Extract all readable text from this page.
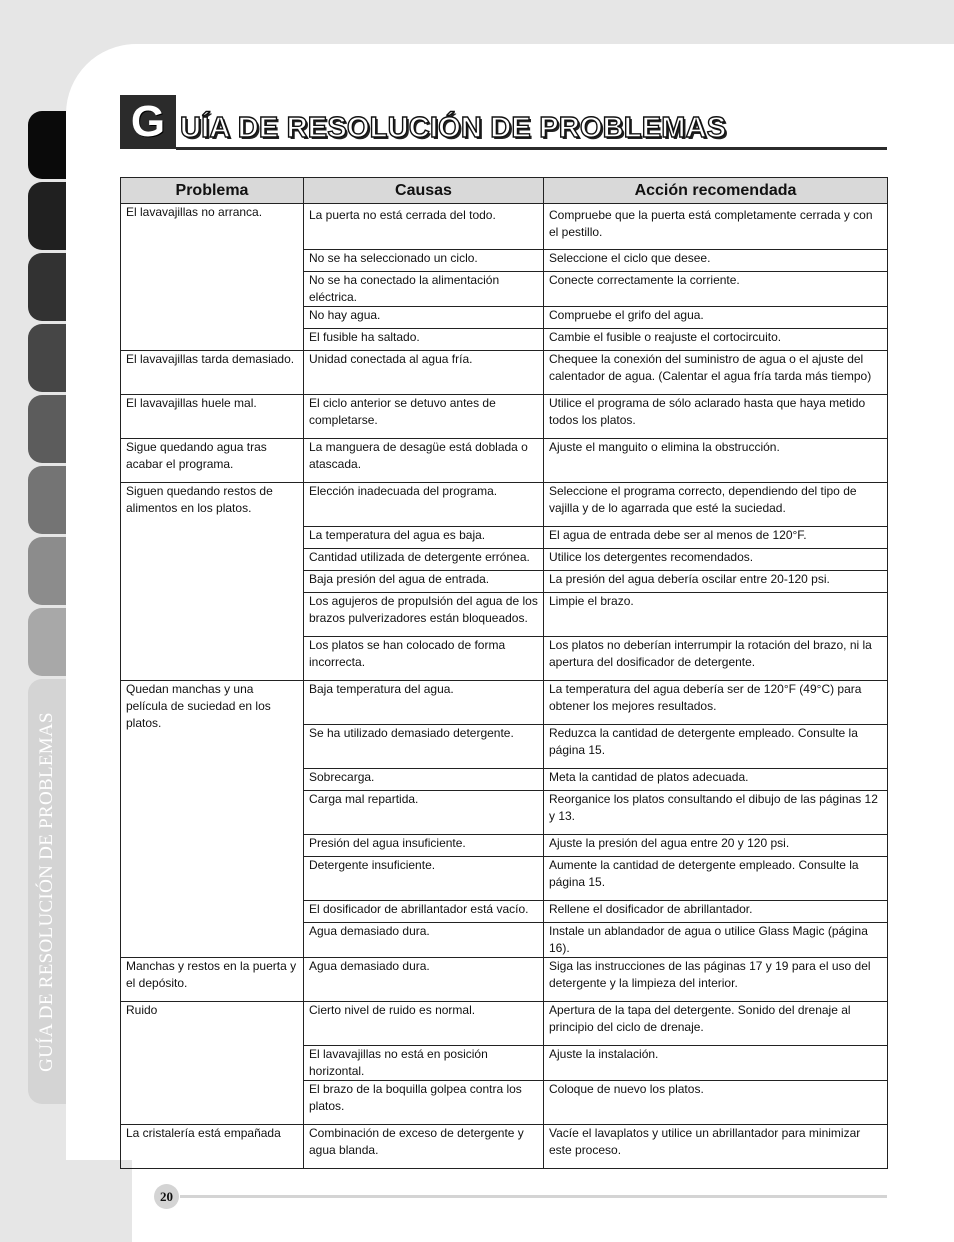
GUÍA DE RESOLUCIÓN DE PROBLEMAS
G UÍA DE RESOLUCIÓN DE PROBLEMAS
Problema	Causas	Acción recomendada
El lavavajillas no arranca.	La puerta no está cerrada del todo.	Compruebe que la puerta está completamente cerrada y con el pestillo.
	No se ha seleccionado un ciclo.	Seleccione el ciclo que desee.
	No se ha conectado la alimentación eléctrica.	Conecte correctamente la corriente.
	No hay agua.	Compruebe el grifo del agua.
	El fusible ha saltado.	Cambie el fusible o reajuste el cortocircuito.
El lavavajillas tarda demasiado.	Unidad conectada al agua fría.	Chequee la conexión del suministro de agua o el ajuste del calentador de agua. (Calentar el agua fría tarda más tiempo)
El lavavajillas huele mal.	El ciclo anterior se detuvo antes de completarse.	Utilice el programa de sólo aclarado hasta que haya metido todos los platos.
Sigue quedando agua tras acabar el programa.	La manguera de desagüe está doblada o atascada.	Ajuste el manguito o elimina la obstrucción.
Siguen quedando restos de alimentos en los platos.	Elección inadecuada del programa.	Seleccione el programa correcto, dependiendo del tipo de vajilla y de lo agarrada que esté la suciedad.
	La temperatura del agua es baja.	El agua de entrada debe ser al menos de 120°F.
	Cantidad utilizada de detergente errónea.	Utilice los detergentes recomendados.
	Baja presión del agua de entrada.	La presión del agua debería oscilar entre 20-120 psi.
	Los agujeros de propulsión del agua de los brazos pulverizadores están bloqueados.	Limpie el brazo.
	Los platos se han colocado de forma incorrecta.	Los platos no deberían interrumpir la rotación del brazo, ni la apertura del dosificador de detergente.
Quedan manchas y una película de suciedad en los platos.	Baja temperatura del agua.	La temperatura del agua debería ser de 120°F (49°C) para obtener los mejores resultados.
	Se ha utilizado demasiado detergente.	Reduzca la cantidad de detergente empleado. Consulte la página 15.
	Sobrecarga.	Meta la cantidad de platos adecuada.
	Carga mal repartida.	Reorganice los platos consultando el dibujo de las páginas 12 y 13.
	Presión del agua insuficiente.	Ajuste la presión del agua entre 20 y 120 psi.
	Detergente insuficiente.	Aumente la cantidad de detergente empleado. Consulte la página 15.
	El dosificador de abrillantador está vacío.	Rellene el dosificador de abrillantador.
	Agua demasiado dura.	Instale un ablandador de agua o utilice Glass Magic (página 16).
Manchas y restos en la puerta y el depósito.	Agua demasiado dura.	Siga las instrucciones de las páginas 17 y 19 para el uso del detergente y la limpieza del interior.
Ruido	Cierto nivel de ruido es normal.	Apertura de la tapa del detergente. Sonido del drenaje al principio del ciclo de drenaje.
	El lavavajillas no está en posición horizontal.	Ajuste la instalación.
	El brazo de la boquilla golpea contra los platos.	Coloque de nuevo los platos.
La cristalería está empañada	Combinación de exceso de detergente y agua blanda.	Vacíe el lavaplatos y utilice un abrillantador para minimizar este proceso.
20
